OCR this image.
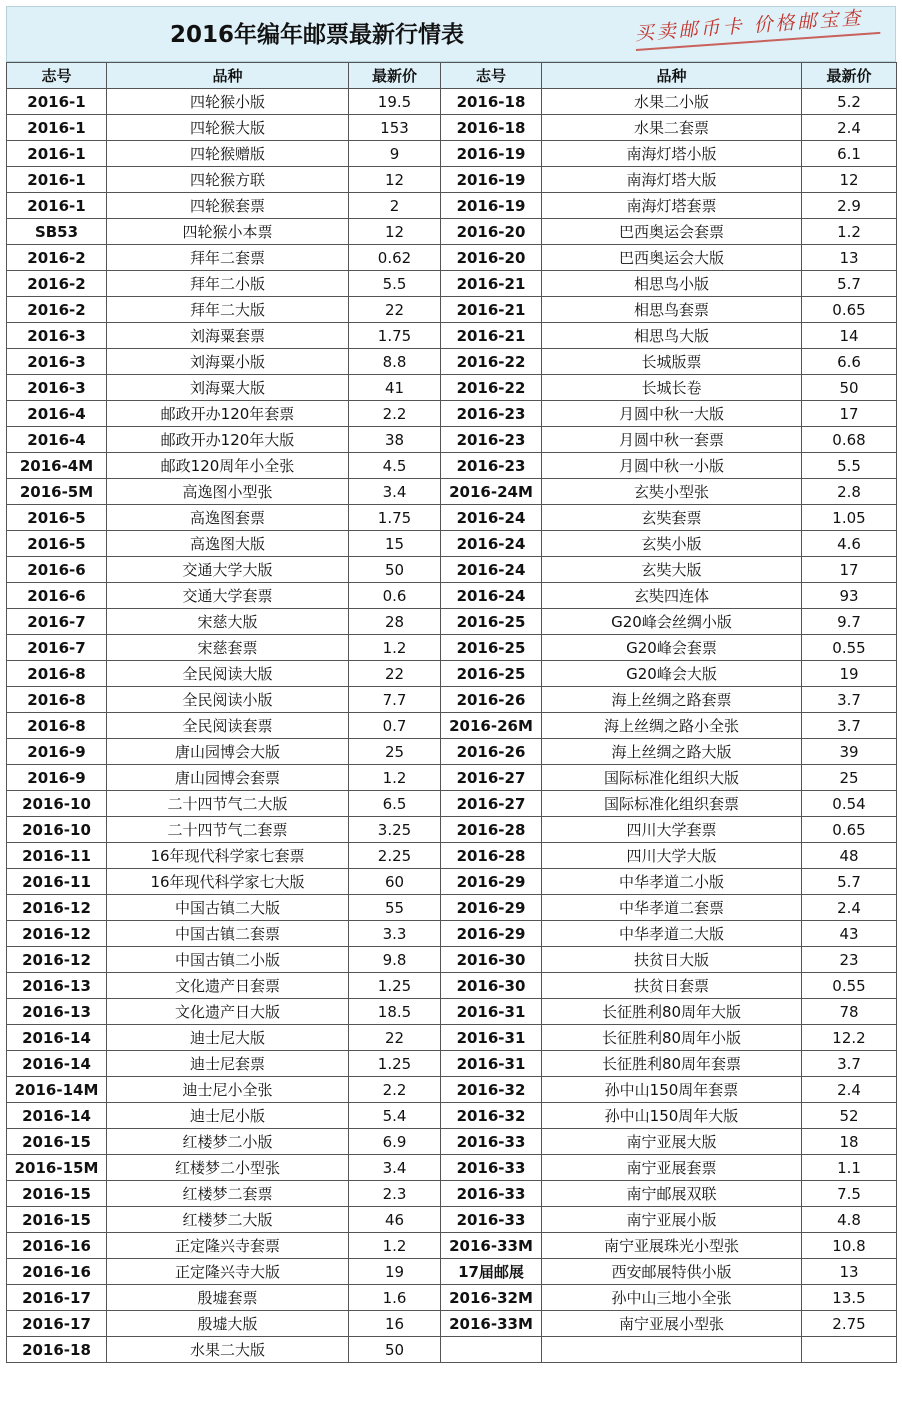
2016年编年邮票最新行情表	买卖邮币卡 价格邮宝查
志号	品种	最新价	志号	品种	最新价
2016-1	四轮猴小版	19.5	2016-18	水果二小版	5.2
2016-1	四轮猴大版	153	2016-18	水果二套票	2.4
2016-1	四轮猴赠版	9	2016-19	南海灯塔小版	6.1
2016-1	四轮猴方联	12	2016-19	南海灯塔大版	12
2016-1	四轮猴套票	2	2016-19	南海灯塔套票	2.9
SB53	四轮猴小本票	12	2016-20	巴西奥运会套票	1.2
2016-2	拜年二套票	0.62	2016-20	巴西奥运会大版	13
2016-2	拜年二小版	5.5	2016-21	相思鸟小版	5.7
2016-2	拜年二大版	22	2016-21	相思鸟套票	0.65
2016-3	刘海粟套票	1.75	2016-21	相思鸟大版	14
2016-3	刘海粟小版	8.8	2016-22	长城版票	6.6
2016-3	刘海粟大版	41	2016-22	长城长卷	50
2016-4	邮政开办120年套票	2.2	2016-23	月圆中秋一大版	17
2016-4	邮政开办120年大版	38	2016-23	月圆中秋一套票	0.68
2016-4M	邮政120周年小全张	4.5	2016-23	月圆中秋一小版	5.5
2016-5M	高逸图小型张	3.4	2016-24M	玄奘小型张	2.8
2016-5	高逸图套票	1.75	2016-24	玄奘套票	1.05
2016-5	高逸图大版	15	2016-24	玄奘小版	4.6
2016-6	交通大学大版	50	2016-24	玄奘大版	17
2016-6	交通大学套票	0.6	2016-24	玄奘四连体	93
2016-7	宋慈大版	28	2016-25	G20峰会丝绸小版	9.7
2016-7	宋慈套票	1.2	2016-25	G20峰会套票	0.55
2016-8	全民阅读大版	22	2016-25	G20峰会大版	19
2016-8	全民阅读小版	7.7	2016-26	海上丝绸之路套票	3.7
2016-8	全民阅读套票	0.7	2016-26M	海上丝绸之路小全张	3.7
2016-9	唐山园博会大版	25	2016-26	海上丝绸之路大版	39
2016-9	唐山园博会套票	1.2	2016-27	国际标准化组织大版	25
2016-10	二十四节气二大版	6.5	2016-27	国际标准化组织套票	0.54
2016-10	二十四节气二套票	3.25	2016-28	四川大学套票	0.65
2016-11	16年现代科学家七套票	2.25	2016-28	四川大学大版	48
2016-11	16年现代科学家七大版	60	2016-29	中华孝道二小版	5.7
2016-12	中国古镇二大版	55	2016-29	中华孝道二套票	2.4
2016-12	中国古镇二套票	3.3	2016-29	中华孝道二大版	43
2016-12	中国古镇二小版	9.8	2016-30	扶贫日大版	23
2016-13	文化遗产日套票	1.25	2016-30	扶贫日套票	0.55
2016-13	文化遗产日大版	18.5	2016-31	长征胜利80周年大版	78
2016-14	迪士尼大版	22	2016-31	长征胜利80周年小版	12.2
2016-14	迪士尼套票	1.25	2016-31	长征胜利80周年套票	3.7
2016-14M	迪士尼小全张	2.2	2016-32	孙中山150周年套票	2.4
2016-14	迪士尼小版	5.4	2016-32	孙中山150周年大版	52
2016-15	红楼梦二小版	6.9	2016-33	南宁亚展大版	18
2016-15M	红楼梦二小型张	3.4	2016-33	南宁亚展套票	1.1
2016-15	红楼梦二套票	2.3	2016-33	南宁邮展双联	7.5
2016-15	红楼梦二大版	46	2016-33	南宁亚展小版	4.8
2016-16	正定隆兴寺套票	1.2	2016-33M	南宁亚展珠光小型张	10.8
2016-16	正定隆兴寺大版	19	17届邮展	西安邮展特供小版	13
2016-17	殷墟套票	1.6	2016-32M	孙中山三地小全张	13.5
2016-17	殷墟大版	16	2016-33M	南宁亚展小型张	2.75
2016-18	水果二大版	50			
